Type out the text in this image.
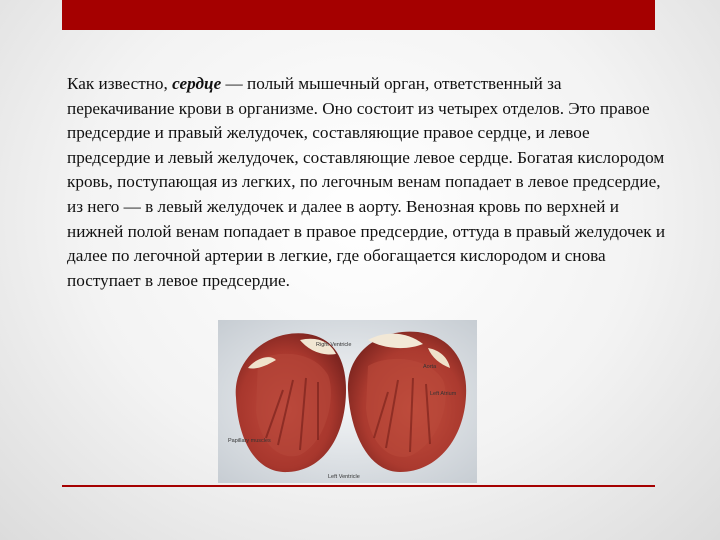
Как известно, сердце — полый мышечный орган, ответственный за перекачивание крови в организме. Оно состоит из четырех отделов. Это правое предсердие и правый желудочек, составляющие правое сердце, и левое предсердие и левый желудочек, составляющие левое сердце. Богатая кислородом кровь, поступающая из легких, по легочным венам попадает в левое предсердие, из него — в левый желудочек и далее в аорту. Венозная кровь по верхней и нижней полой венам попадает в правое предсердие, оттуда в правый желудочек и далее по легочной артерии в легкие, где обогащается кислородом и снова поступает в левое предсердие.

Right Ventricle
Aorta
Left Atrium
Papillary muscles
Left Ventricle
